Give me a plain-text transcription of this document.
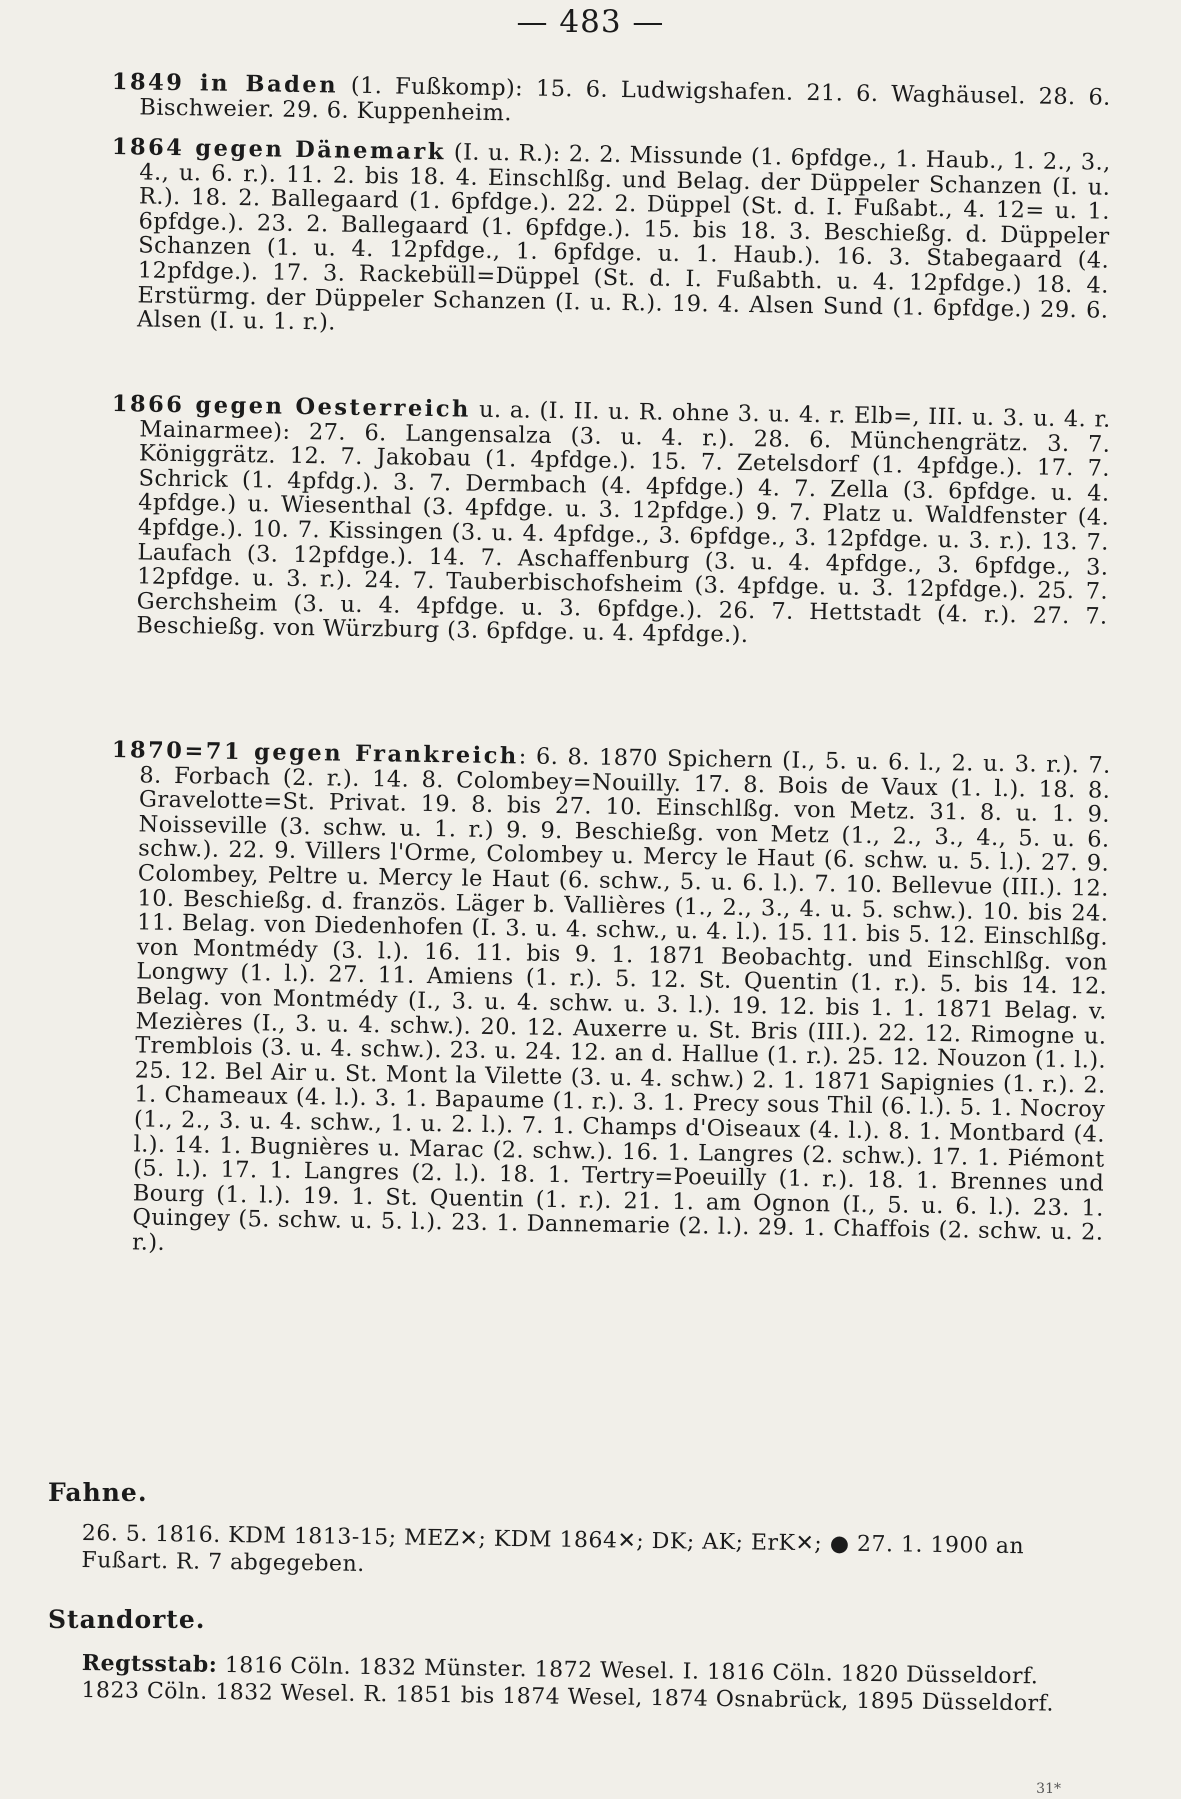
— 483 —

1849 in Baden (1. Fußkomp): 15. 6. Ludwigshafen. 21. 6. Waghäusel. 28. 6. Bischweier. 29. 6. Kuppenheim.

1864 gegen Dänemark (I. u. R.): 2. 2. Missunde (1. 6pfdge., 1. Haub., 1. 2., 3., 4., u. 6. r.). 11. 2. bis 18. 4. Einschlßg. und Belag. der Düppeler Schanzen (I. u. R.). 18. 2. Ballegaard (1. 6pfdge.). 22. 2. Düppel (St. d. I. Fußabt., 4. 12= u. 1. 6pfdge.). 23. 2. Ballegaard (1. 6pfdge.). 15. bis 18. 3. Beschießg. d. Düppeler Schanzen (1. u. 4. 12pfdge., 1. 6pfdge. u. 1. Haub.). 16. 3. Stabegaard (4. 12pfdge.). 17. 3. Rackebüll=Düppel (St. d. I. Fußabth. u. 4. 12pfdge.) 18. 4. Erstürmg. der Düppeler Schanzen (I. u. R.). 19. 4. Alsen Sund (1. 6pfdge.) 29. 6. Alsen (I. u. 1. r.).

1866 gegen Oesterreich u. a. (I. II. u. R. ohne 3. u. 4. r. Elb=, III. u. 3. u. 4. r. Mainarmee): 27. 6. Langensalza (3. u. 4. r.). 28. 6. Münchengrätz. 3. 7. Königgrätz. 12. 7. Jakobau (1. 4pfdge.). 15. 7. Zetelsdorf (1. 4pfdge.). 17. 7. Schrick (1. 4pfdg.). 3. 7. Dermbach (4. 4pfdge.) 4. 7. Zella (3. 6pfdge. u. 4. 4pfdge.) u. Wiesenthal (3. 4pfdge. u. 3. 12pfdge.) 9. 7. Platz u. Waldfenster (4. 4pfdge.). 10. 7. Kissingen (3. u. 4. 4pfdge., 3. 6pfdge., 3. 12pfdge. u. 3. r.). 13. 7. Laufach (3. 12pfdge.). 14. 7. Aschaffenburg (3. u. 4. 4pfdge., 3. 6pfdge., 3. 12pfdge. u. 3. r.). 24. 7. Tauberbischofsheim (3. 4pfdge. u. 3. 12pfdge.). 25. 7. Gerchsheim (3. u. 4. 4pfdge. u. 3. 6pfdge.). 26. 7. Hettstadt (4. r.). 27. 7. Beschießg. von Würzburg (3. 6pfdge. u. 4. 4pfdge.).

1870=71 gegen Frankreich: 6. 8. 1870 Spichern (I., 5. u. 6. l., 2. u. 3. r.). 7. 8. Forbach (2. r.). 14. 8. Colombey=Nouilly. 17. 8. Bois de Vaux (1. l.). 18. 8. Gravelotte=St. Privat. 19. 8. bis 27. 10. Einschlßg. von Metz. 31. 8. u. 1. 9. Noisseville (3. schw. u. 1. r.) 9. 9. Beschießg. von Metz (1., 2., 3., 4., 5. u. 6. schw.). 22. 9. Villers l'Orme, Colombey u. Mercy le Haut (6. schw. u. 5. l.). 27. 9. Colombey, Peltre u. Mercy le Haut (6. schw., 5. u. 6. l.). 7. 10. Bellevue (III.). 12. 10. Beschießg. d. französ. Läger b. Vallières (1., 2., 3., 4. u. 5. schw.). 10. bis 24. 11. Belag. von Diedenhofen (I. 3. u. 4. schw., u. 4. l.). 15. 11. bis 5. 12. Einschlßg. von Montmédy (3. l.). 16. 11. bis 9. 1. 1871 Beobachtg. und Einschlßg. von Longwy (1. l.). 27. 11. Amiens (1. r.). 5. 12. St. Quentin (1. r.). 5. bis 14. 12. Belag. von Montmédy (I., 3. u. 4. schw. u. 3. l.). 19. 12. bis 1. 1. 1871 Belag. v. Mezières (I., 3. u. 4. schw.). 20. 12. Auxerre u. St. Bris (III.). 22. 12. Rimogne u. Tremblois (3. u. 4. schw.). 23. u. 24. 12. an d. Hallue (1. r.). 25. 12. Nouzon (1. l.). 25. 12. Bel Air u. St. Mont la Vilette (3. u. 4. schw.) 2. 1. 1871 Sapignies (1. r.). 2. 1. Chameaux (4. l.). 3. 1. Bapaume (1. r.). 3. 1. Precy sous Thil (6. l.). 5. 1. Nocroy (1., 2., 3. u. 4. schw., 1. u. 2. l.). 7. 1. Champs d'Oiseaux (4. l.). 8. 1. Montbard (4. l.). 14. 1. Bugnières u. Marac (2. schw.). 16. 1. Langres (2. schw.). 17. 1. Piémont (5. l.). 17. 1. Langres (2. l.). 18. 1. Tertry=Poeuilly (1. r.). 18. 1. Brennes und Bourg (1. l.). 19. 1. St. Quentin (1. r.). 21. 1. am Ognon (I., 5. u. 6. l.). 23. 1. Quingey (5. schw. u. 5. l.). 23. 1. Dannemarie (2. l.). 29. 1. Chaffois (2. schw. u. 2. r.).

Fahne.

26. 5. 1816. KDM 1813-15; MEZ✕; KDM 1864✕; DK; AK; ErK✕; ● 27. 1. 1900 an Fußart. R. 7 abgegeben.

Standorte.

Regtsstab: 1816 Cöln. 1832 Münster. 1872 Wesel. I. 1816 Cöln. 1820 Düsseldorf. 1823 Cöln. 1832 Wesel. R. 1851 bis 1874 Wesel, 1874 Osnabrück, 1895 Düsseldorf.

31*
